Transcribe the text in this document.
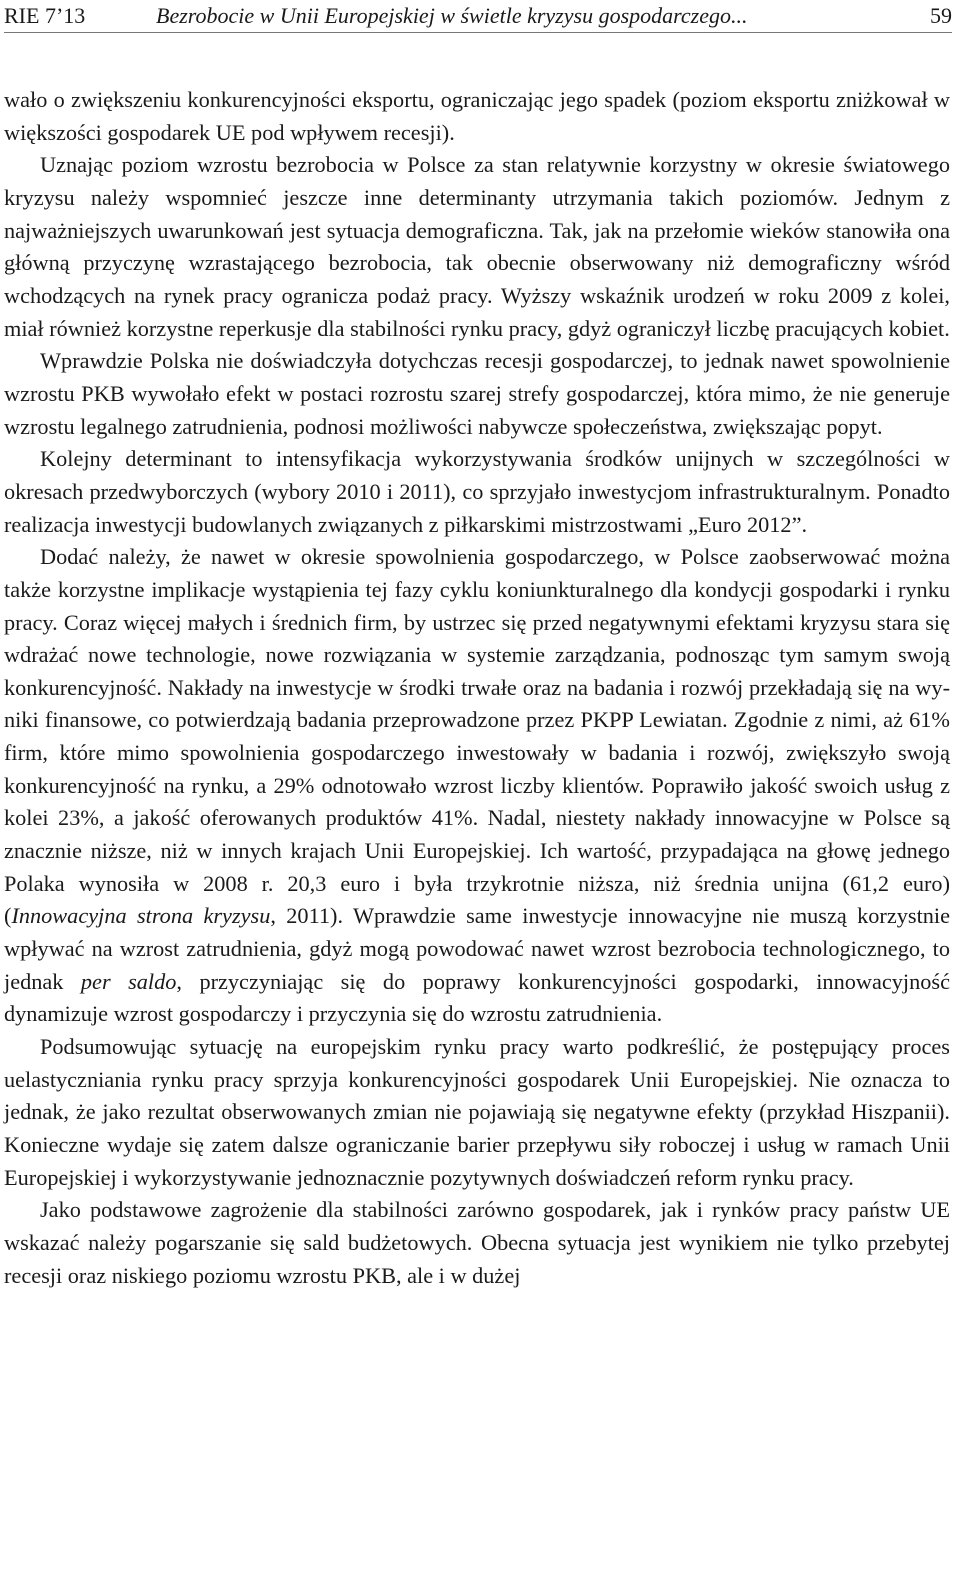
RIE 7’13	Bezrobocie w Unii Europejskiej w świetle kryzysu gospodarczego...	59

wało o zwiększeniu konkurencyjności eksportu, ograniczając jego spadek (poziom eksportu zniżkował w większości gospodarek UE pod wpływem recesji).

Uznając poziom wzrostu bezrobocia w Polsce za stan relatywnie korzystny w okresie światowego kryzysu należy wspomnieć jeszcze inne determinanty utrzymania takich poziomów. Jednym z najważniejszych uwarunkowań jest sytuacja demograficzna. Tak, jak na przełomie wieków stanowiła ona główną przyczynę wzrastającego bezrobocia, tak obecnie obserwowany niż demograficzny wśród wchodzących na rynek pracy ogranicza podaż pracy. Wyższy wskaźnik urodzeń w roku 2009 z kolei, miał również korzystne reperkusje dla stabilności rynku pracy, gdyż ograniczył liczbę pracujących kobiet.

Wprawdzie Polska nie doświadczyła dotychczas recesji gospodarczej, to jednak nawet spowolnienie wzrostu PKB wywołało efekt w postaci rozrostu szarej strefy gospodarczej, która mimo, że nie generuje wzrostu legalnego zatrudnienia, podnosi możliwości nabywcze społeczeństwa, zwiększając popyt.

Kolejny determinant to intensyfikacja wykorzystywania środków unijnych w szczególności w okresach przedwyborczych (wybory 2010 i 2011), co sprzyjało inwestycjom infrastrukturalnym. Ponadto realizacja inwestycji budowlanych związanych z piłkarskimi mistrzostwami „Euro 2012”.

Dodać należy, że nawet w okresie spowolnienia gospodarczego, w Polsce zaobserwować można także korzystne implikacje wystąpienia tej fazy cyklu koniunkturalnego dla kondycji gospodarki i rynku pracy. Coraz więcej małych i średnich firm, by ustrzec się przed negatywnymi efektami kryzysu stara się wdrażać nowe technologie, nowe rozwiązania w systemie zarządzania, podnosząc tym samym swoją konkurencyjność. Nakłady na inwestycje w środki trwałe oraz na badania i rozwój przekładają się na wyniki finansowe, co potwierdzają badania przeprowadzone przez PKPP Lewiatan. Zgodnie z nimi, aż 61% firm, które mimo spowolnienia gospodarczego inwestowały w badania i rozwój, zwiększyło swoją konkurencyjność na rynku, a 29% odnotowało wzrost liczby klientów. Poprawiło jakość swoich usług z kolei 23%, a jakość oferowanych produktów 41%. Nadal, niestety nakłady innowacyjne w Polsce są znacznie niższe, niż w innych krajach Unii Europejskiej. Ich wartość, przypadająca na głowę jednego Polaka wynosiła w 2008 r. 20,3 euro i była trzykrotnie niższa, niż średnia unijna (61,2 euro) (Innowacyjna strona kryzysu, 2011). Wprawdzie same inwestycje innowacyjne nie muszą korzystnie wpływać na wzrost zatrudnienia, gdyż mogą powodować nawet wzrost bezrobocia technologicznego, to jednak per saldo, przyczyniając się do poprawy konkurencyjności gospodarki, innowacyjność dynamizuje wzrost gospodarczy i przyczynia się do wzrostu zatrudnienia.

Podsumowując sytuację na europejskim rynku pracy warto podkreślić, że postępujący proces uelastyczniania rynku pracy sprzyja konkurencyjności gospodarek Unii Europejskiej. Nie oznacza to jednak, że jako rezultat obserwowanych zmian nie pojawiają się negatywne efekty (przykład Hiszpanii). Konieczne wydaje się zatem dalsze ograniczanie barier przepływu siły roboczej i usług w ramach Unii Europejskiej i wykorzystywanie jednoznacznie pozytywnych doświadczeń reform rynku pracy.

Jako podstawowe zagrożenie dla stabilności zarówno gospodarek, jak i rynków pracy państw UE wskazać należy pogarszanie się sald budżetowych. Obecna sytuacja jest wynikiem nie tylko przebytej recesji oraz niskiego poziomu wzrostu PKB, ale i w dużej
